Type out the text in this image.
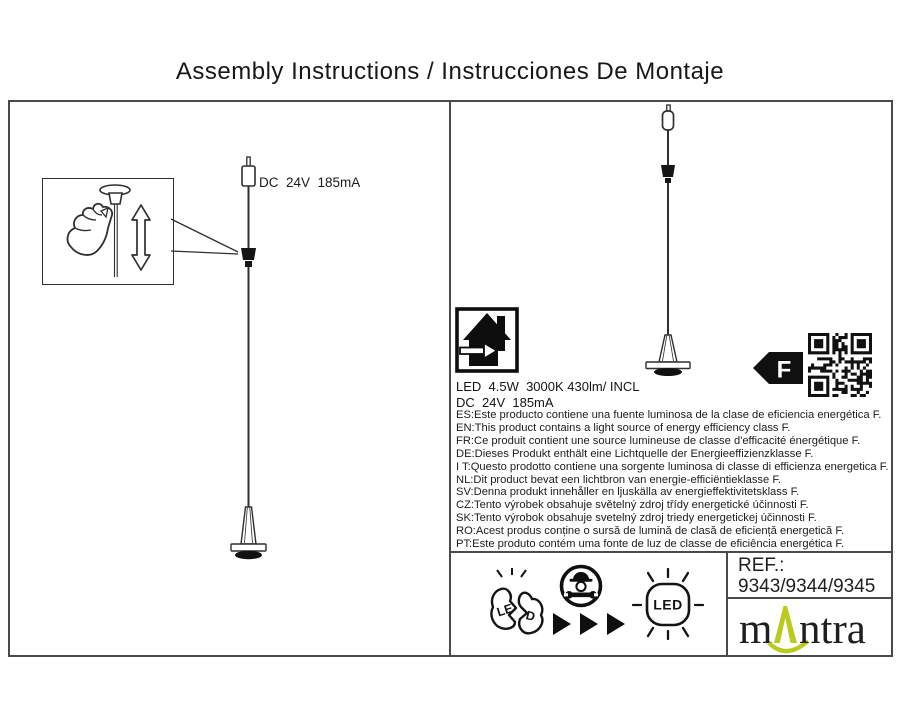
Assembly Instructions / Instrucciones De Montaje
DC  24V  185mA
LED  4.5W  3000K 430lm/ INCL
DC  24V  185mA
ES:Este producto contiene una fuente luminosa de la clase de eficiencia energética F.
EN:This product contains a light source of energy efficiency class F.
FR:Ce produit contient une source lumineuse de classe d'efficacité énergétique F.
DE:Dieses Produkt enthält eine Lichtquelle der Energieeffizienzklasse F.
I T:Questo prodotto contiene una sorgente luminosa di classe di efficienza energetica F.
NL:Dit product bevat een lichtbron van energie-efficiëntieklasse F.
SV:Denna produkt innehåller en ljuskälla av energieffektivitetsklass F.
CZ:Tento výrobek obsahuje světelný zdroj třídy energetické účinnosti F.
SK:Tento výrobok obsahuje svetelný zdroj triedy energetickej účinnosti F.
RO:Acest produs conține o sursă de lumină de clasă de eficiență energetică F.
PT:Este produto contém uma fonte de luz de classe de eficiência energética F.
F
LE D
LED
REF.:
9343/9344/9345
m ntra
